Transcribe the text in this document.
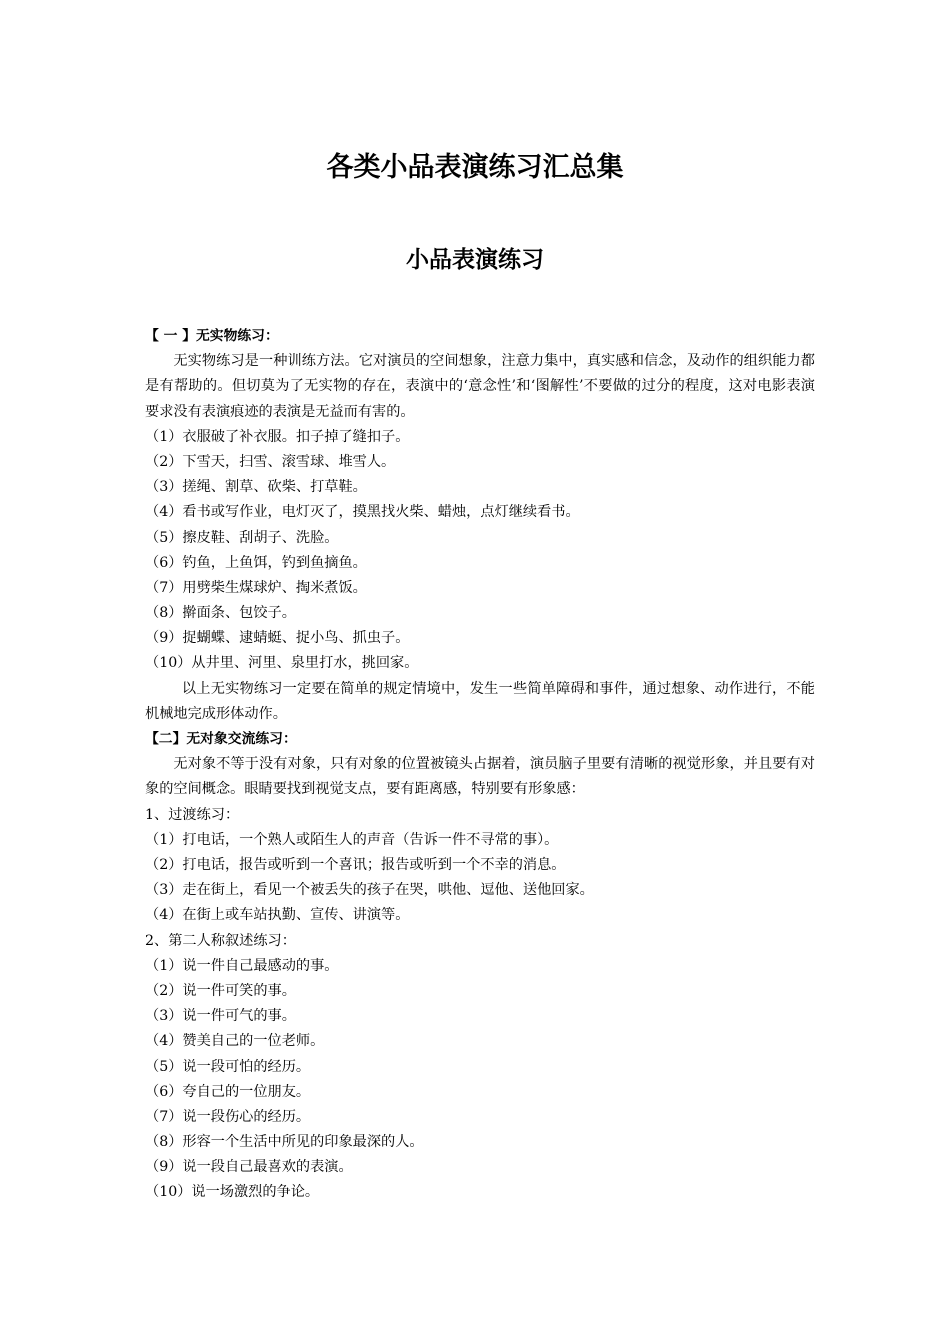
各类小品表演练习汇总集
小品表演练习
【 一 】无实物练习：

无实物练习是一种训练方法。它对演员的空间想象，注意力集中，真实感和信念，及动作的组织能力都是有帮助的。但切莫为了无实物的存在，表演中的‘意念性’和‘图解性’不要做的过分的程度，这对电影表演要求没有表演痕迹的表演是无益而有害的。

（1）衣服破了补衣服。扣子掉了缝扣子。
（2）下雪天，扫雪、滚雪球、堆雪人。
（3）搓绳、割草、砍柴、打草鞋。
（4）看书或写作业，电灯灭了，摸黑找火柴、蜡烛，点灯继续看书。
（5）擦皮鞋、刮胡子、洗脸。
（6）钓鱼，上鱼饵，钓到鱼摘鱼。
（7）用劈柴生煤球炉、掏米煮饭。
（8）擀面条、包饺子。
（9）捉蝴蝶、逮蜻蜓、捉小鸟、抓虫子。
（10）从井里、河里、泉里打水，挑回家。

以上无实物练习一定要在简单的规定情境中，发生一些简单障碍和事件，通过想象、动作进行，不能机械地完成形体动作。

【二】无对象交流练习：

无对象不等于没有对象，只有对象的位置被镜头占据着，演员脑子里要有清晰的视觉形象，并且要有对象的空间概念。眼睛要找到视觉支点，要有距离感，特别要有形象感：

1、过渡练习：
（1）打电话，一个熟人或陌生人的声音（告诉一件不寻常的事）。
（2）打电话，报告或听到一个喜讯；报告或听到一个不幸的消息。
（3）走在街上，看见一个被丢失的孩子在哭，哄他、逗他、送他回家。
（4）在街上或车站执勤、宣传、讲演等。
2、第二人称叙述练习：
（1）说一件自己最感动的事。
（2）说一件可笑的事。
（3）说一件可气的事。
（4）赞美自己的一位老师。
（5）说一段可怕的经历。
（6）夸自己的一位朋友。
（7）说一段伤心的经历。
（8）形容一个生活中所见的印象最深的人。
（9）说一段自己最喜欢的表演。
（10）说一场激烈的争论。
